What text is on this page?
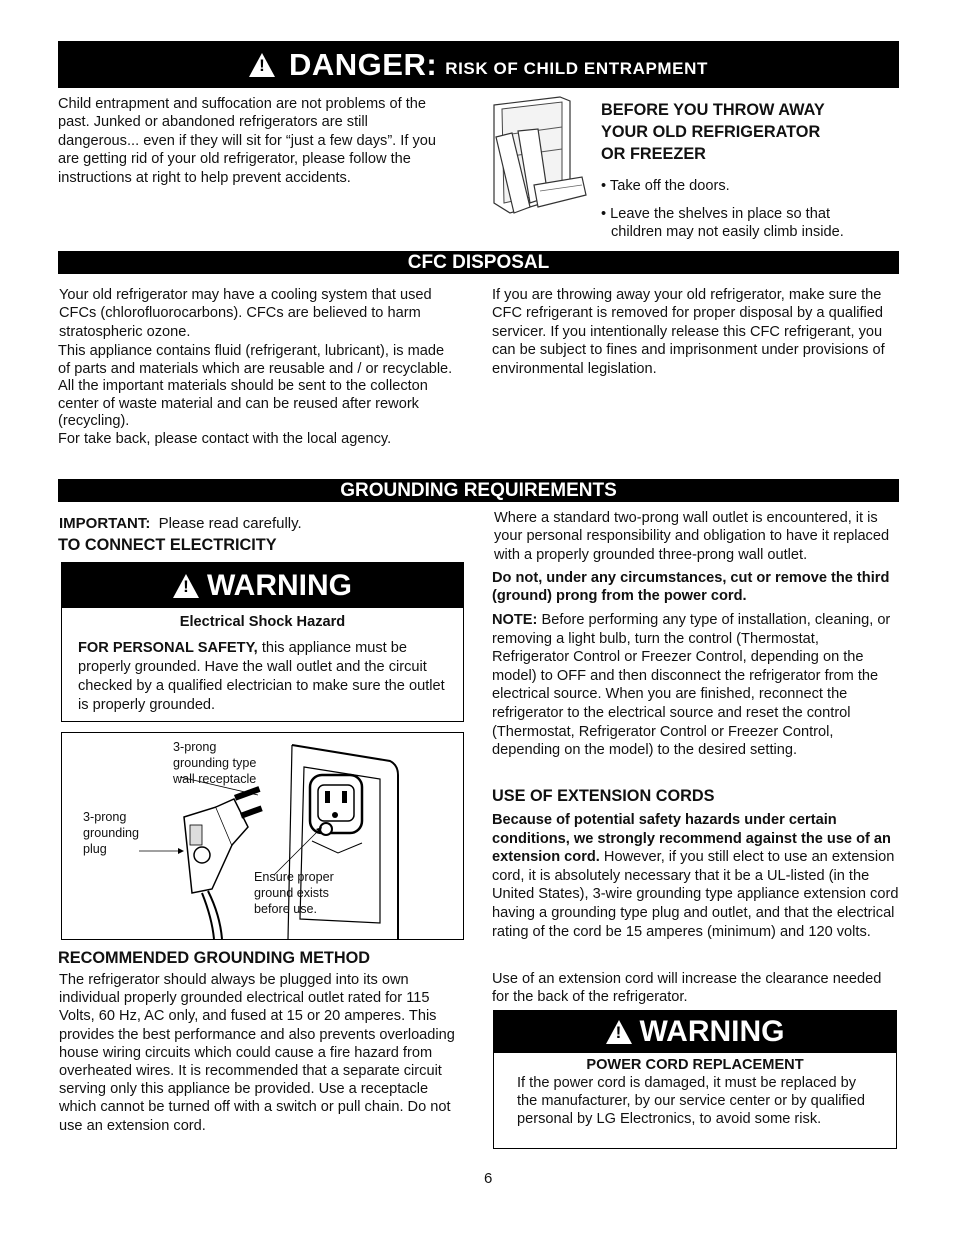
! DANGER: RISK OF CHILD ENTRAPMENT
Child entrapment and suffocation are not problems of the past. Junked or abandoned refrigerators are still dangerous... even if they will sit for “just a few days”. If you are getting rid of your old refrigerator, please follow the instructions at right to help prevent accidents.
BEFORE YOU THROW AWAY
YOUR OLD REFRIGERATOR
OR FREEZER
• Take off the doors.
• Leave the shelves in place so that
children may not easily climb inside.
CFC DISPOSAL
Your old refrigerator may have a cooling system that used CFCs (chlorofluorocarbons). CFCs are believed to harm stratospheric ozone.
This appliance contains fluid (refrigerant, lubricant), is made of parts and materials which are reusable and / or recyclable. All the important materials should be sent to the collecton center of waste material and can be reused after rework (recycling).
For take back, please contact with the local agency.
If you are throwing away your old refrigerator, make sure the CFC refrigerant is removed for proper disposal by a qualified servicer. If you intentionally release this CFC refrigerant, you can be subject to fines and imprisonment under provisions of environmental legislation.
GROUNDING REQUIREMENTS
IMPORTANT: Please read carefully.
TO CONNECT ELECTRICITY
! WARNING
Electrical Shock Hazard
FOR PERSONAL SAFETY, this appliance must be properly grounded. Have the wall outlet and the circuit checked by a qualified electrician to make sure the outlet is properly grounded.
3-prong
grounding type
wall receptacle
3-prong
grounding
plug
Ensure proper
ground exists
before use.
RECOMMENDED GROUNDING METHOD
The refrigerator should always be plugged into its own individual properly grounded electrical outlet rated for 115 Volts, 60 Hz, AC only, and fused at 15 or 20 amperes. This provides the best performance and also prevents overloading house wiring circuits which could cause a fire hazard from overheated wires. It is recommended that a separate circuit serving only this appliance be provided. Use a receptacle which cannot be turned off with a switch or pull chain. Do not use an extension cord.
Where a standard two-prong wall outlet is encountered, it is your personal responsibility and obligation to have it replaced with a properly grounded three-prong wall outlet.
Do not, under any circumstances, cut or remove the third (ground) prong from the power cord.
NOTE: Before performing any type of installation, cleaning, or removing a light bulb, turn the control (Thermostat, Refrigerator Control or Freezer Control, depending on the model) to OFF and then disconnect the refrigerator from the electrical source. When you are finished, reconnect the refrigerator to the electrical source and reset the control (Thermostat, Refrigerator Control or Freezer Control, depending on the model) to the desired setting.
USE OF EXTENSION CORDS
Because of potential safety hazards under certain conditions, we strongly recommend against the use of an extension cord. However, if you still elect to use an extension cord, it is absolutely necessary that it be a UL-listed (in the United States), 3-wire grounding type appliance extension cord having a grounding type plug and outlet, and that the electrical rating of the cord be 15 amperes (minimum) and 120 volts.
Use of an extension cord will increase the clearance needed for the back of the refrigerator.
! WARNING
POWER CORD REPLACEMENT
If the power cord is damaged, it must be replaced by the manufacturer, by our service center or by qualified personal by LG Electronics, to avoid some risk.
6
